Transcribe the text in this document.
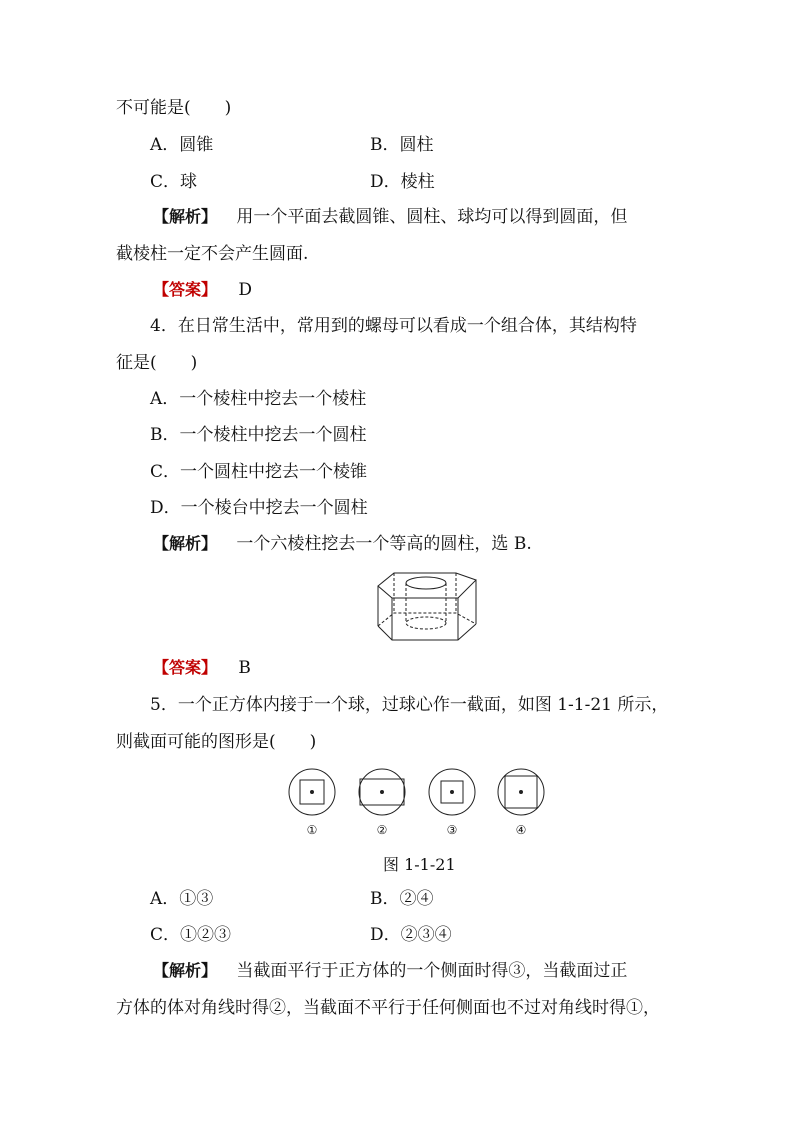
不可能是(　　)
A．圆锥	B．圆柱
C．球	D．棱柱
【解析】 用一个平面去截圆锥、圆柱、球均可以得到圆面，但
截棱柱一定不会产生圆面.
【答案】 D
4．在日常生活中，常用到的螺母可以看成一个组合体，其结构特
征是(　　)
A．一个棱柱中挖去一个棱柱
B．一个棱柱中挖去一个圆柱
C．一个圆柱中挖去一个棱锥
D．一个棱台中挖去一个圆柱
【解析】 一个六棱柱挖去一个等高的圆柱，选 B.
【答案】 B
5．一个正方体内接于一个球，过球心作一截面，如图 1-1-21 所示，
则截面可能的图形是(　　)
①	②	③	④
图 1-1-21
A．①③	B．②④
C．①②③	D．②③④
【解析】 当截面平行于正方体的一个侧面时得③，当截面过正
方体的体对角线时得②，当截面不平行于任何侧面也不过对角线时得①，
